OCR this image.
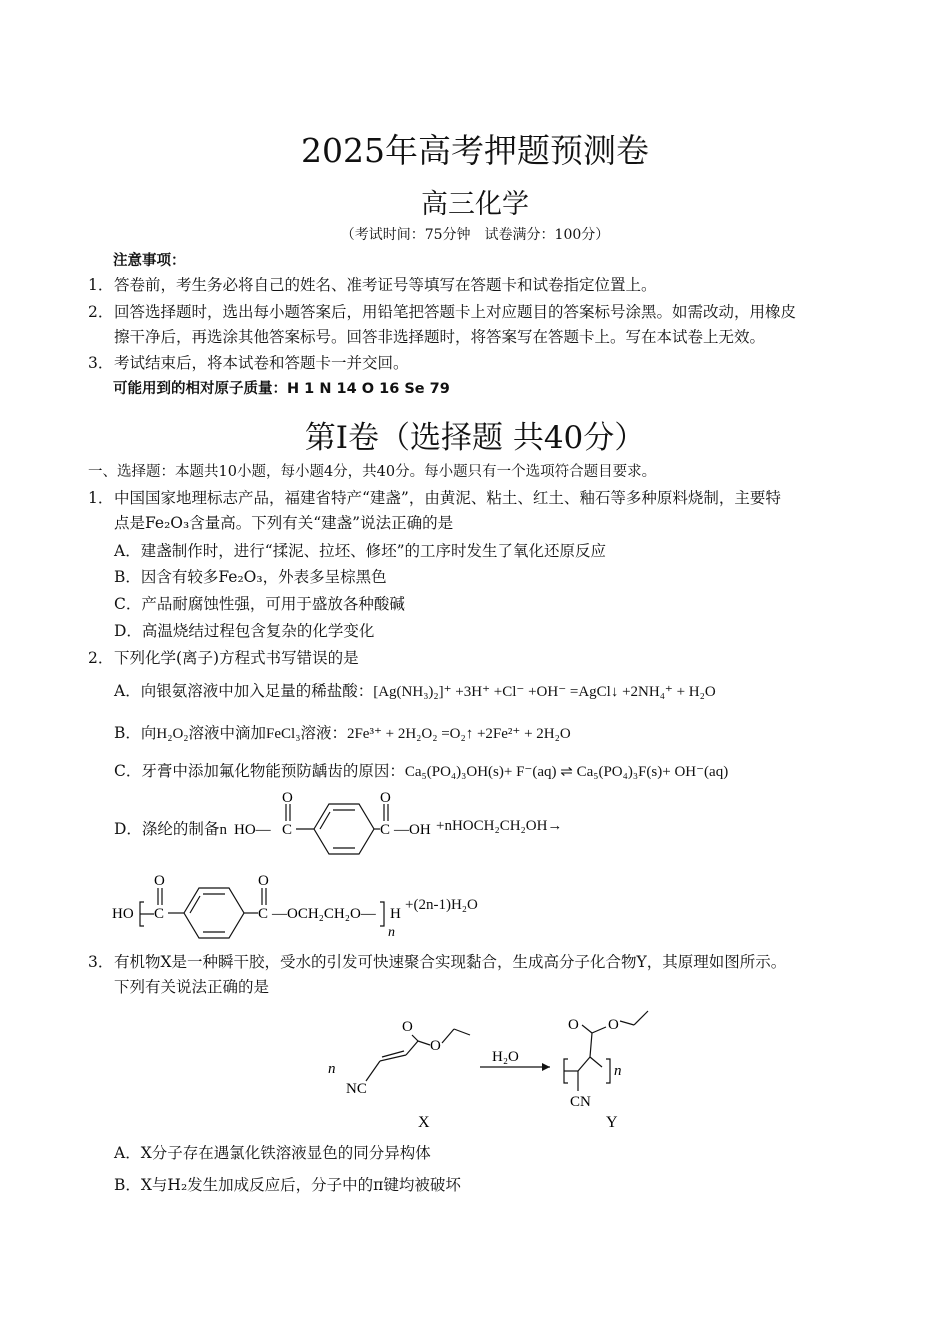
2025年高考押题预测卷
高三化学
（考试时间：75分钟　试卷满分：100分）
注意事项：
1．答卷前，考生务必将自己的姓名、准考证号等填写在答题卡和试卷指定位置上。
2．回答选择题时，选出每小题答案后，用铅笔把答题卡上对应题目的答案标号涂黑。如需改动，用橡皮
擦干净后，再选涂其他答案标号。回答非选择题时，将答案写在答题卡上。写在本试卷上无效。
3．考试结束后，将本试卷和答题卡一并交回。
可能用到的相对原子质量：H 1 N 14 O 16 Se 79
第Ⅰ卷（选择题 共40分）
一、选择题：本题共10小题，每小题4分，共40分。每小题只有一个选项符合题目要求。
1．中国国家地理标志产品，福建省特产“建盏”，由黄泥、粘土、红土、釉石等多种原料烧制，主要特
点是Fe₂O₃含量高。下列有关“建盏”说法正确的是
A．建盏制作时，进行“揉泥、拉坯、修坯”的工序时发生了氧化还原反应
B．因含有较多Fe₂O₃，外表多呈棕黑色
C．产品耐腐蚀性强，可用于盛放各种酸碱
D．高温烧结过程包含复杂的化学变化
2．下列化学(离子)方程式书写错误的是
A．向银氨溶液中加入足量的稀盐酸：[Ag(NH₃)₂]⁺ +3H⁺ +Cl⁻ +OH⁻ =AgCl↓ +2NH₄⁺ + H₂O
B．向H₂O₂溶液中滴加FeCl₃溶液：2Fe³⁺ + 2H₂O₂ =O₂↑ +2Fe²⁺ + 2H₂O
C．牙膏中添加氟化物能预防龋齿的原因：Ca₅(PO₄)₃OH(s)+ F⁻(aq) ⇌ Ca₅(PO₄)₃F(s)+ OH⁻(aq)
D．涤纶的制备n HO— C
O
C
O
—OH +nHOCH₂CH₂OH→
HO C
O
C
O
—OCH₂CH₂O—
n
H
+(2n-1)H₂O
3．有机物X是一种瞬干胶，受水的引发可快速聚合实现黏合，生成高分子化合物Y，其原理如图所示。
下列有关说法正确的是
n
NC
O
O
X
H₂O
n
CN
O O
Y
A．X分子存在遇氯化铁溶液显色的同分异构体
B．X与H₂发生加成反应后，分子中的π键均被破坏
